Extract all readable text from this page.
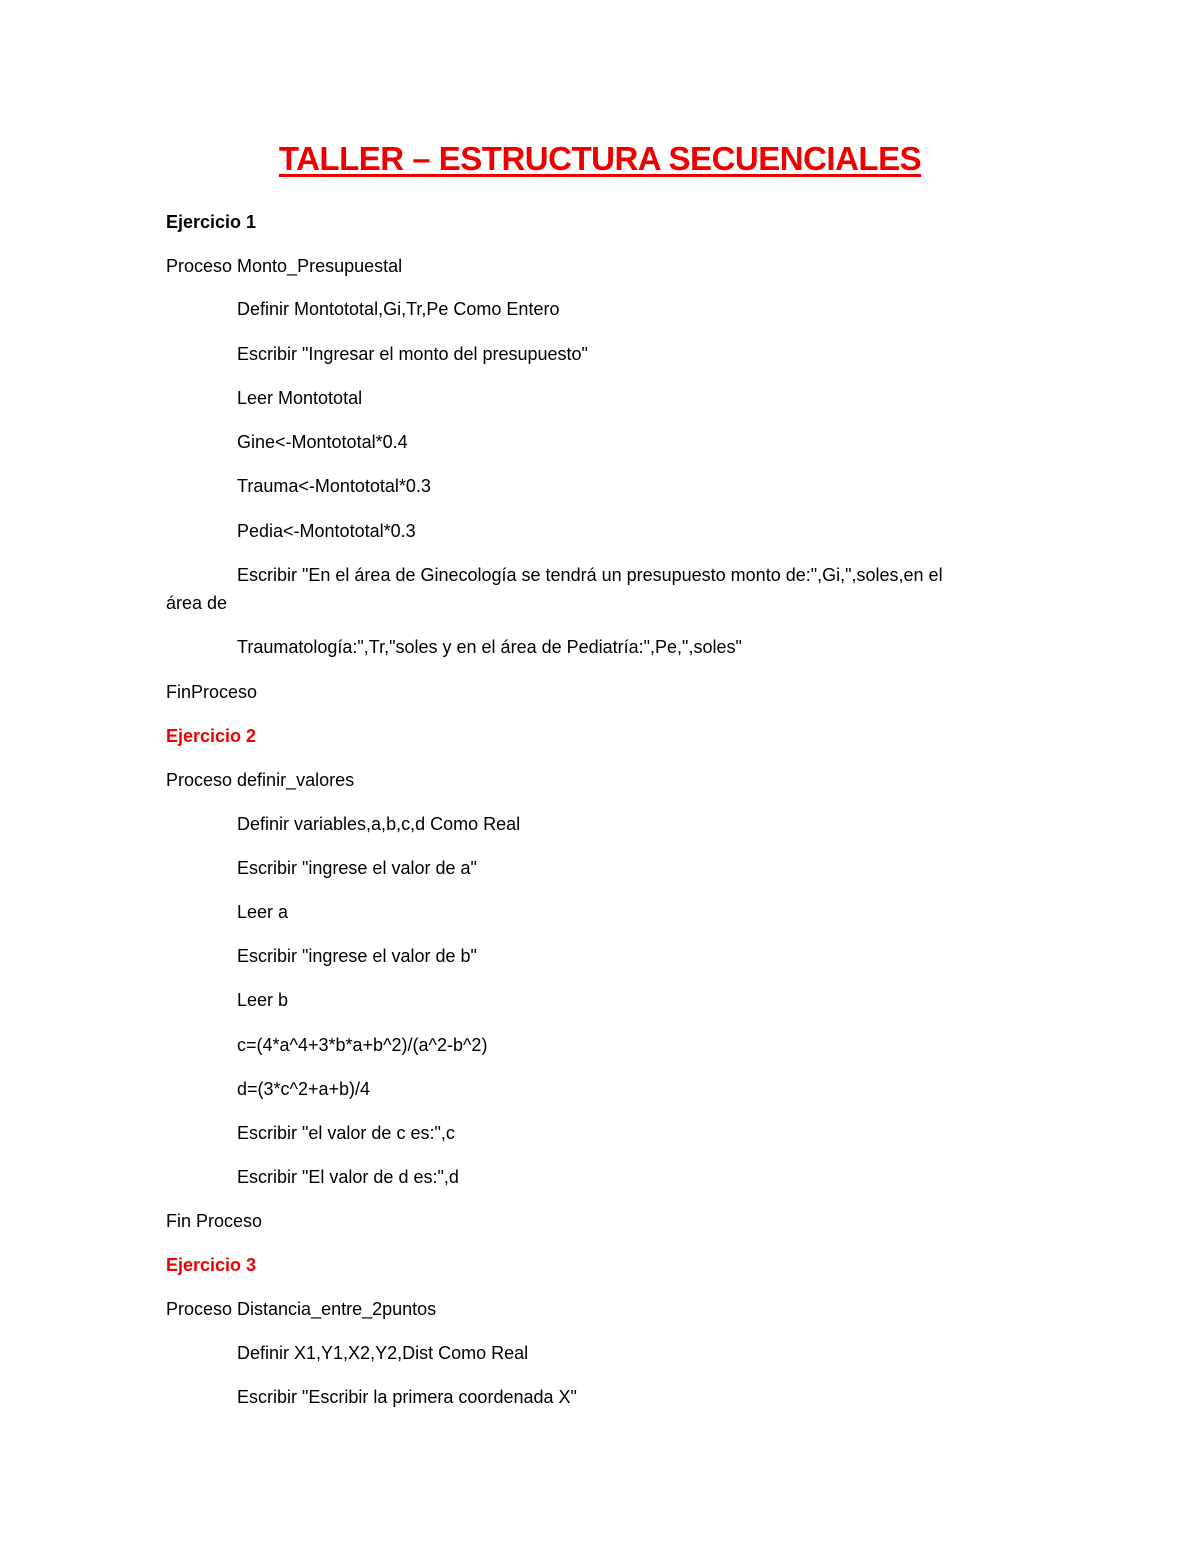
TALLER – ESTRUCTURA SECUENCIALES
Ejercicio 1
Proceso Monto_Presupuestal
Definir Montototal,Gi,Tr,Pe Como Entero
Escribir "Ingresar el monto del presupuesto"
Leer Montototal
Gine<-Montototal*0.4
Trauma<-Montototal*0.3
Pedia<-Montototal*0.3
Escribir "En el área de Ginecología se tendrá un presupuesto monto de:",Gi,",soles,en el
área de
Traumatología:",Tr,"soles y en el área de Pediatría:",Pe,",soles"
FinProceso
Ejercicio 2
Proceso definir_valores
Definir variables,a,b,c,d Como Real
Escribir "ingrese el valor de a"
Leer a
Escribir "ingrese el valor de b"
Leer b
c=(4*a^4+3*b*a+b^2)/(a^2-b^2)
d=(3*c^2+a+b)/4
Escribir "el valor de c es:",c
Escribir "El valor de d es:",d
Fin Proceso
Ejercicio 3
Proceso Distancia_entre_2puntos
Definir X1,Y1,X2,Y2,Dist Como Real
Escribir "Escribir la primera coordenada X"
